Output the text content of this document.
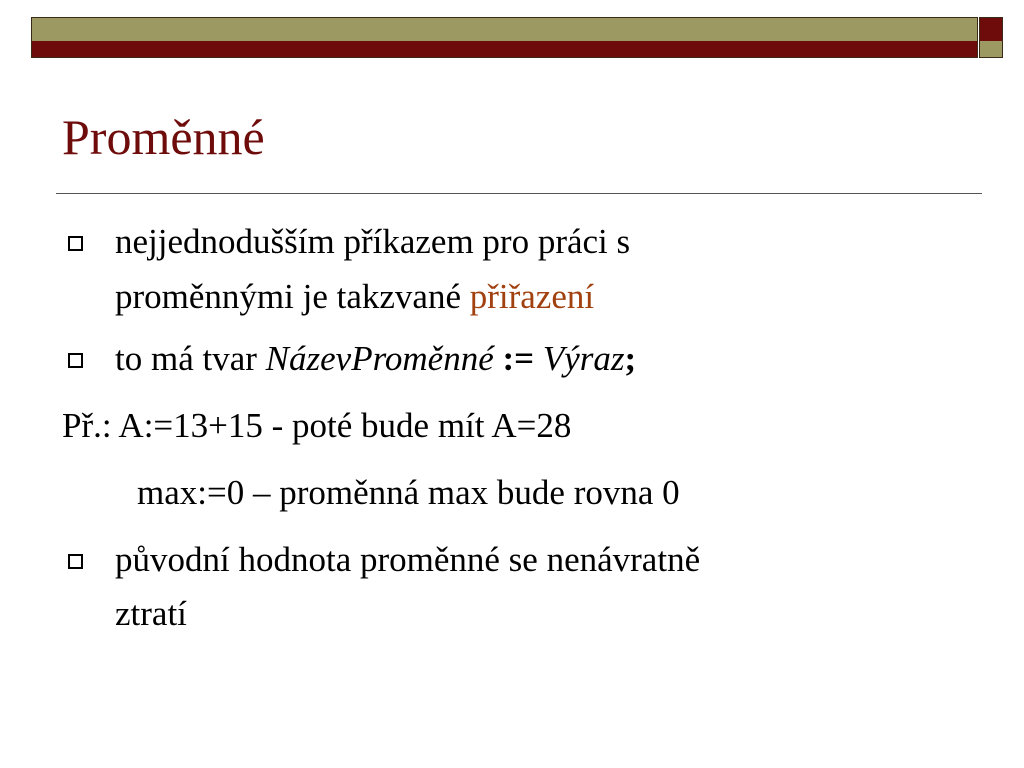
Proměnné
nejjednodušším příkazem pro práci s
proměnnými je takzvané přiřazení
to má tvar NázevProměnné := Výraz;
Př.: A:=13+15 - poté bude mít A=28
max:=0 – proměnná max bude rovna 0
původní hodnota proměnné se nenávratně
ztratí
